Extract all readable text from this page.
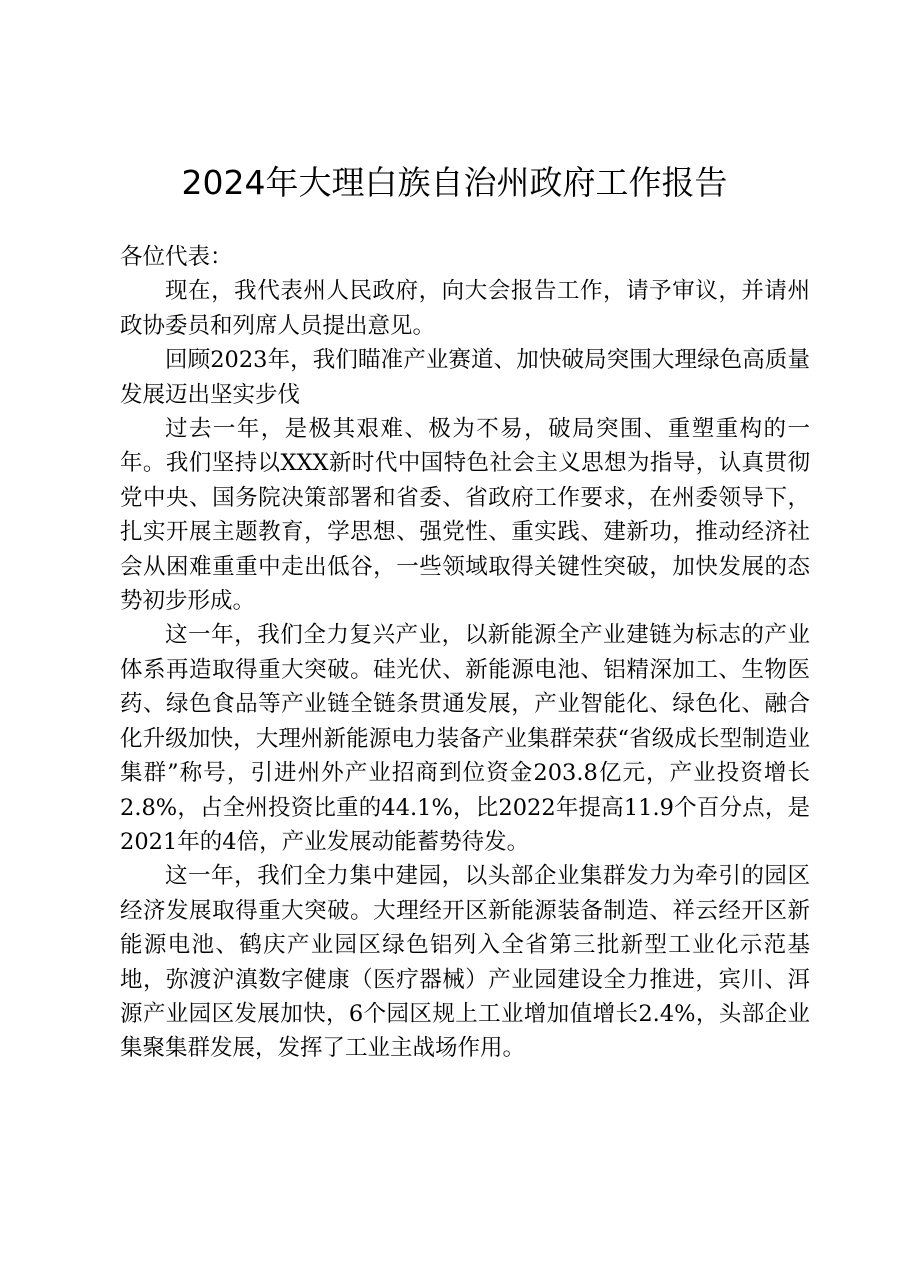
2024年大理白族自治州政府工作报告

各位代表：

现在，我代表州人民政府，向大会报告工作，请予审议，并请州政协委员和列席人员提出意见。

回顾2023年，我们瞄准产业赛道、加快破局突围大理绿色高质量发展迈出坚实步伐

过去一年，是极其艰难、极为不易，破局突围、重塑重构的一年。我们坚持以XXX新时代中国特色社会主义思想为指导，认真贯彻党中央、国务院决策部署和省委、省政府工作要求，在州委领导下，扎实开展主题教育，学思想、强党性、重实践、建新功，推动经济社会从困难重重中走出低谷，一些领域取得关键性突破，加快发展的态势初步形成。

这一年，我们全力复兴产业，以新能源全产业建链为标志的产业体系再造取得重大突破。硅光伏、新能源电池、铝精深加工、生物医药、绿色食品等产业链全链条贯通发展，产业智能化、绿色化、融合化升级加快，大理州新能源电力装备产业集群荣获“省级成长型制造业集群”称号，引进州外产业招商到位资金203.8亿元，产业投资增长2.8%，占全州投资比重的44.1%，比2022年提高11.9个百分点，是2021年的4倍，产业发展动能蓄势待发。

这一年，我们全力集中建园，以头部企业集群发力为牵引的园区经济发展取得重大突破。大理经开区新能源装备制造、祥云经开区新能源电池、鹤庆产业园区绿色铝列入全省第三批新型工业化示范基地，弥渡沪滇数字健康（医疗器械）产业园建设全力推进，宾川、洱源产业园区发展加快，6个园区规上工业增加值增长2.4%，头部企业集聚集群发展，发挥了工业主战场作用。
